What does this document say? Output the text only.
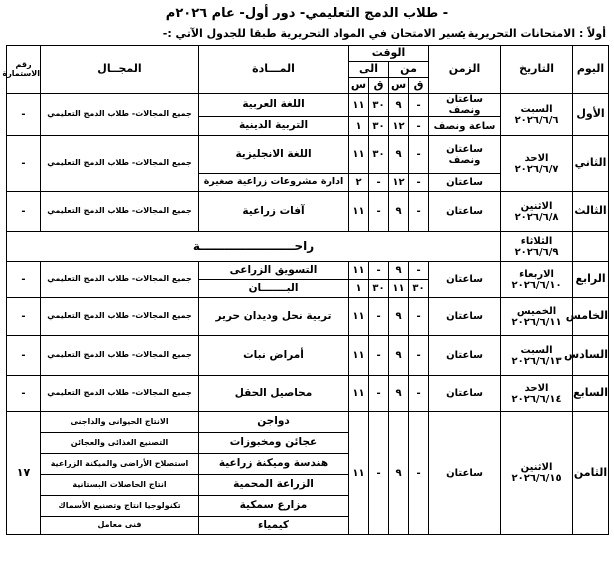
- طلاب الدمج التعليمي- دور أول- عام ٢٠٢٦م
أولاً : الامتحانات التحريرية :
يسير الامتحان في المواد التحريرية طبقا للجدول الآتي :-
اليوم	التاريخ	الزمن	الوقت				المـــادة	المجــال	رقم الاستمارة
			من		الى				
			ق	س	ق	س			
الأول	السبت
٢٠٢٦/٦/٦	ساعتان ونصف	-	٩	٣٠	١١	اللغة العربية	جميع المجالات- طلاب الدمج التعليمي	-
		ساعة ونصف	-	١٢	٣٠	١	التربية الدينية		
الثاني	الاحد
٢٠٢٦/٦/٧	ساعتان ونصف	-	٩	٣٠	١١	اللغة الانجليزية	جميع المجالات- طلاب الدمج التعليمي	-
		ساعتان	-	١٢	-	٢	ادارة مشروعات زراعية صغيرة		
الثالث	الاثنين
٢٠٢٦/٦/٨	ساعتان	-	٩	-	١١	آفات زراعية	جميع المجالات- طلاب الدمج التعليمي	-

	الثلاثاء
٢٠٢٦/٦/٩	راحـــــــــــــــــــــــة							
الرابع	الاربعاء
٢٠٢٦/٦/١٠	ساعتان	-	٩	-	١١	التسويق الزراعى	جميع المجالات- طلاب الدمج التعليمي	-
			٣٠	١١	٣٠	١	البـــــــان		
الخامس	الخميس
٢٠٢٦/٦/١١	ساعتان	-	٩	-	١١	تربية نحل وديدان حرير	جميع المجالات- طلاب الدمج التعليمي	-
السادس	السبت
٢٠٢٦/٦/١٣	ساعتان	-	٩	-	١١	أمراض نبات	جميع المجالات- طلاب الدمج التعليمي	-
السابع	الاحد
٢٠٢٦/٦/١٤	ساعتان	-	٩	-	١١	محاصيل الحقل	جميع المجالات- طلاب الدمج التعليمي	-
الثامن	الاثنين
٢٠٢٦/٦/١٥	ساعتان	-	٩	-	١١	دواجن	الانتاج الحيوانى والداجنى	١٧
							عجائن ومخبوزات	التصنيع الغذائى والعجائن	
							هندسة وميكنة زراعية	استصلاح الأراضى والميكنة الزراعية	
							الزراعة المحمية	انتاج الحاصلات البستانية	
							مزارع سمكية	تكنولوجيا انتاج وتصنيع الأسماك	
							كيمياء	فنى معامل	
